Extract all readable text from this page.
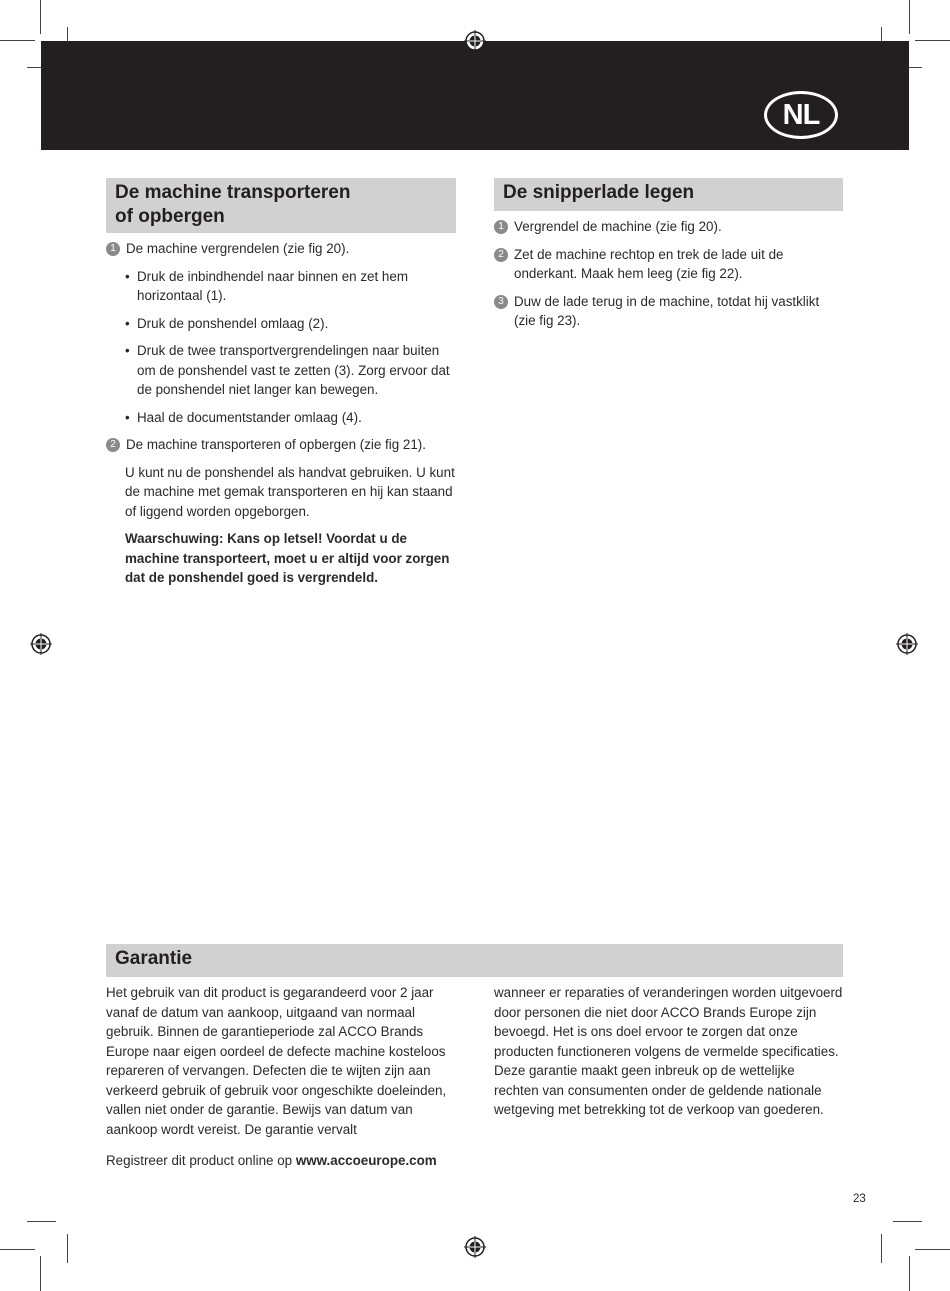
NL
De machine transporteren
of opbergen
1 De machine vergrendelen (zie fig 20).
• Druk de inbindhendel naar binnen en zet hem horizontaal (1).
• Druk de ponshendel omlaag (2).
• Druk de twee transportvergrendelingen naar buiten om de ponshendel vast te zetten (3). Zorg ervoor dat de ponshendel niet langer kan bewegen.
• Haal de documentstander omlaag (4).
2 De machine transporteren of opbergen (zie fig 21).

U kunt nu de ponshendel als handvat gebruiken. U kunt de machine met gemak transporteren en hij kan staand of liggend worden opgeborgen.

Waarschuwing: Kans op letsel! Voordat u de machine transporteert, moet u er altijd voor zorgen dat de ponshendel goed is vergrendeld.

De snipperlade legen
1 Vergrendel de machine (zie fig 20).
2 Zet de machine rechtop en trek de lade uit de onderkant. Maak hem leeg (zie fig 22).
3 Duw de lade terug in de machine, totdat hij vastklikt (zie fig 23).
Garantie

Het gebruik van dit product is gegarandeerd voor 2 jaar vanaf de datum van aankoop, uitgaand van normaal gebruik. Binnen de garantieperiode zal ACCO Brands Europe naar eigen oordeel de defecte machine kosteloos repareren of vervangen. Defecten die te wijten zijn aan verkeerd gebruik of gebruik voor ongeschikte doeleinden, vallen niet onder de garantie. Bewijs van datum van aankoop wordt vereist. De garantie vervalt

Registreer dit product online op www.accoeurope.com

wanneer er reparaties of veranderingen worden uitgevoerd door personen die niet door ACCO Brands Europe zijn bevoegd. Het is ons doel ervoor te zorgen dat onze producten functioneren volgens de vermelde specificaties. Deze garantie maakt geen inbreuk op de wettelijke rechten van consumenten onder de geldende nationale wetgeving met betrekking tot de verkoop van goederen.

23
